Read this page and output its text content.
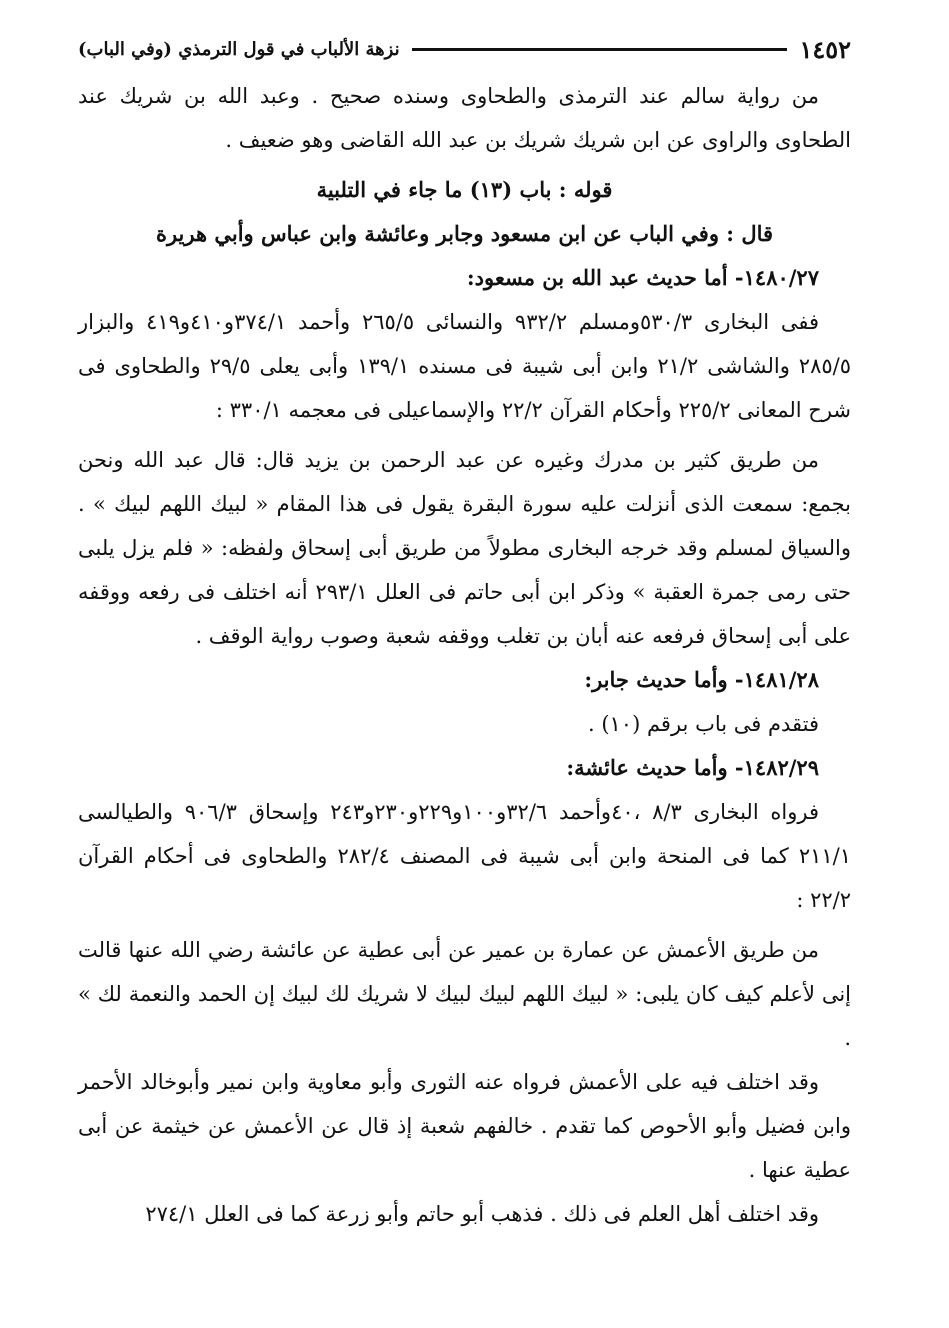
١٤٥٢
نزهة الألباب في قول الترمذي (وفي الباب)

من رواية سالم عند الترمذى والطحاوى وسنده صحيح . وعبد الله بن شريك عند الطحاوى والراوى عن ابن شريك شريك بن عبد الله القاضى وهو ضعيف .

قوله : باب (١٣) ما جاء في التلبية

قال : وفي الباب عن ابن مسعود وجابر وعائشة وابن عباس وأبي هريرة

١٤٨٠/٢٧- أما حديث عبد الله بن مسعود:

ففى البخارى ٥٣٠/٣ومسلم ٩٣٢/٢ والنسائى ٢٦٥/٥ وأحمد ٣٧٤/١و٤١٠و٤١٩ والبزار ٢٨٥/٥ والشاشى ٢١/٢ وابن أبى شيبة فى مسنده ١٣٩/١ وأبى يعلى ٢٩/٥ والطحاوى فى شرح المعانى ٢٢٥/٢ وأحكام القرآن ٢٢/٢ والإسماعيلى فى معجمه ٣٣٠/١ :

من طريق كثير بن مدرك وغيره عن عبد الرحمن بن يزيد قال: قال عبد الله ونحن بجمع: سمعت الذى أنزلت عليه سورة البقرة يقول فى هذا المقام « لبيك اللهم لبيك » . والسياق لمسلم وقد خرجه البخارى مطولاً من طريق أبى إسحاق ولفظه: « فلم يزل يلبى حتى رمى جمرة العقبة » وذكر ابن أبى حاتم فى العلل ٢٩٣/١ أنه اختلف فى رفعه ووقفه على أبى إسحاق فرفعه عنه أبان بن تغلب ووقفه شعبة وصوب رواية الوقف .

١٤٨١/٢٨- وأما حديث جابر:

فتقدم فى باب برقم (١٠) .

١٤٨٢/٢٩- وأما حديث عائشة:

فرواه البخارى ٨/٣ ،٤٠وأحمد ٣٢/٦و١٠٠و٢٢٩و٢٣٠و٢٤٣ وإسحاق ٩٠٦/٣ والطيالسى ٢١١/١ كما فى المنحة وابن أبى شيبة فى المصنف ٢٨٢/٤ والطحاوى فى أحكام القرآن ٢٢/٢ :

من طريق الأعمش عن عمارة بن عمير عن أبى عطية عن عائشة رضي الله عنها قالت إنى لأعلم كيف كان يلبى: « لبيك اللهم لبيك لبيك لا شريك لك لبيك إن الحمد والنعمة لك » .

وقد اختلف فيه على الأعمش فرواه عنه الثورى وأبو معاوية وابن نمير وأبوخالد الأحمر وابن فضيل وأبو الأحوص كما تقدم . خالفهم شعبة إذ قال عن الأعمش عن خيثمة عن أبى عطية عنها .

وقد اختلف أهل العلم فى ذلك . فذهب أبو حاتم وأبو زرعة كما فى العلل ٢٧٤/١
